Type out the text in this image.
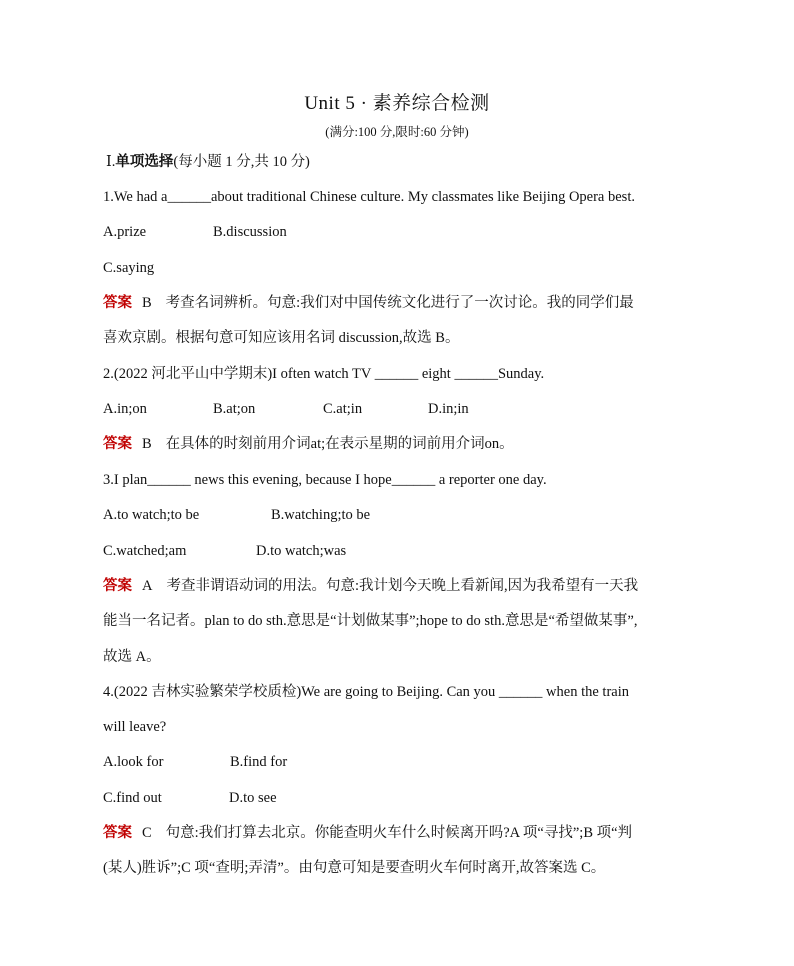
Unit 5 · 素养综合检测
(满分:100 分,限时:60 分钟)
Ⅰ.单项选择(每小题 1 分,共 10 分)
1.We had a______about traditional Chinese culture. My classmates like Beijing Opera best.
A.prize	B.discussion
C.saying
答案 B 考查名词辨析。句意:我们对中国传统文化进行了一次讨论。我的同学们最
喜欢京剧。根据句意可知应该用名词 discussion,故选 B。
2.(2022 河北平山中学期末)I often watch TV ______ eight ______Sunday.
A.in;on	B.at;on	C.at;in	D.in;in
答案 B 在具体的时刻前用介词at;在表示星期的词前用介词on。
3.I plan______ news this evening, because I hope______ a reporter one day.
A.to watch;to be	B.watching;to be
C.watched;am	D.to watch;was
答案 A 考查非谓语动词的用法。句意:我计划今天晚上看新闻,因为我希望有一天我
能当一名记者。plan to do sth.意思是“计划做某事”;hope to do sth.意思是“希望做某事”,
故选 A。
4.(2022 吉林实验繁荣学校质检)We are going to Beijing. Can you ______ when the train
will leave?
A.look for	B.find for
C.find out	D.to see
答案 C 句意:我们打算去北京。你能查明火车什么时候离开吗?A 项“寻找”;B 项“判
(某人)胜诉”;C 项“查明;弄清”。由句意可知是要查明火车何时离开,故答案选 C。
